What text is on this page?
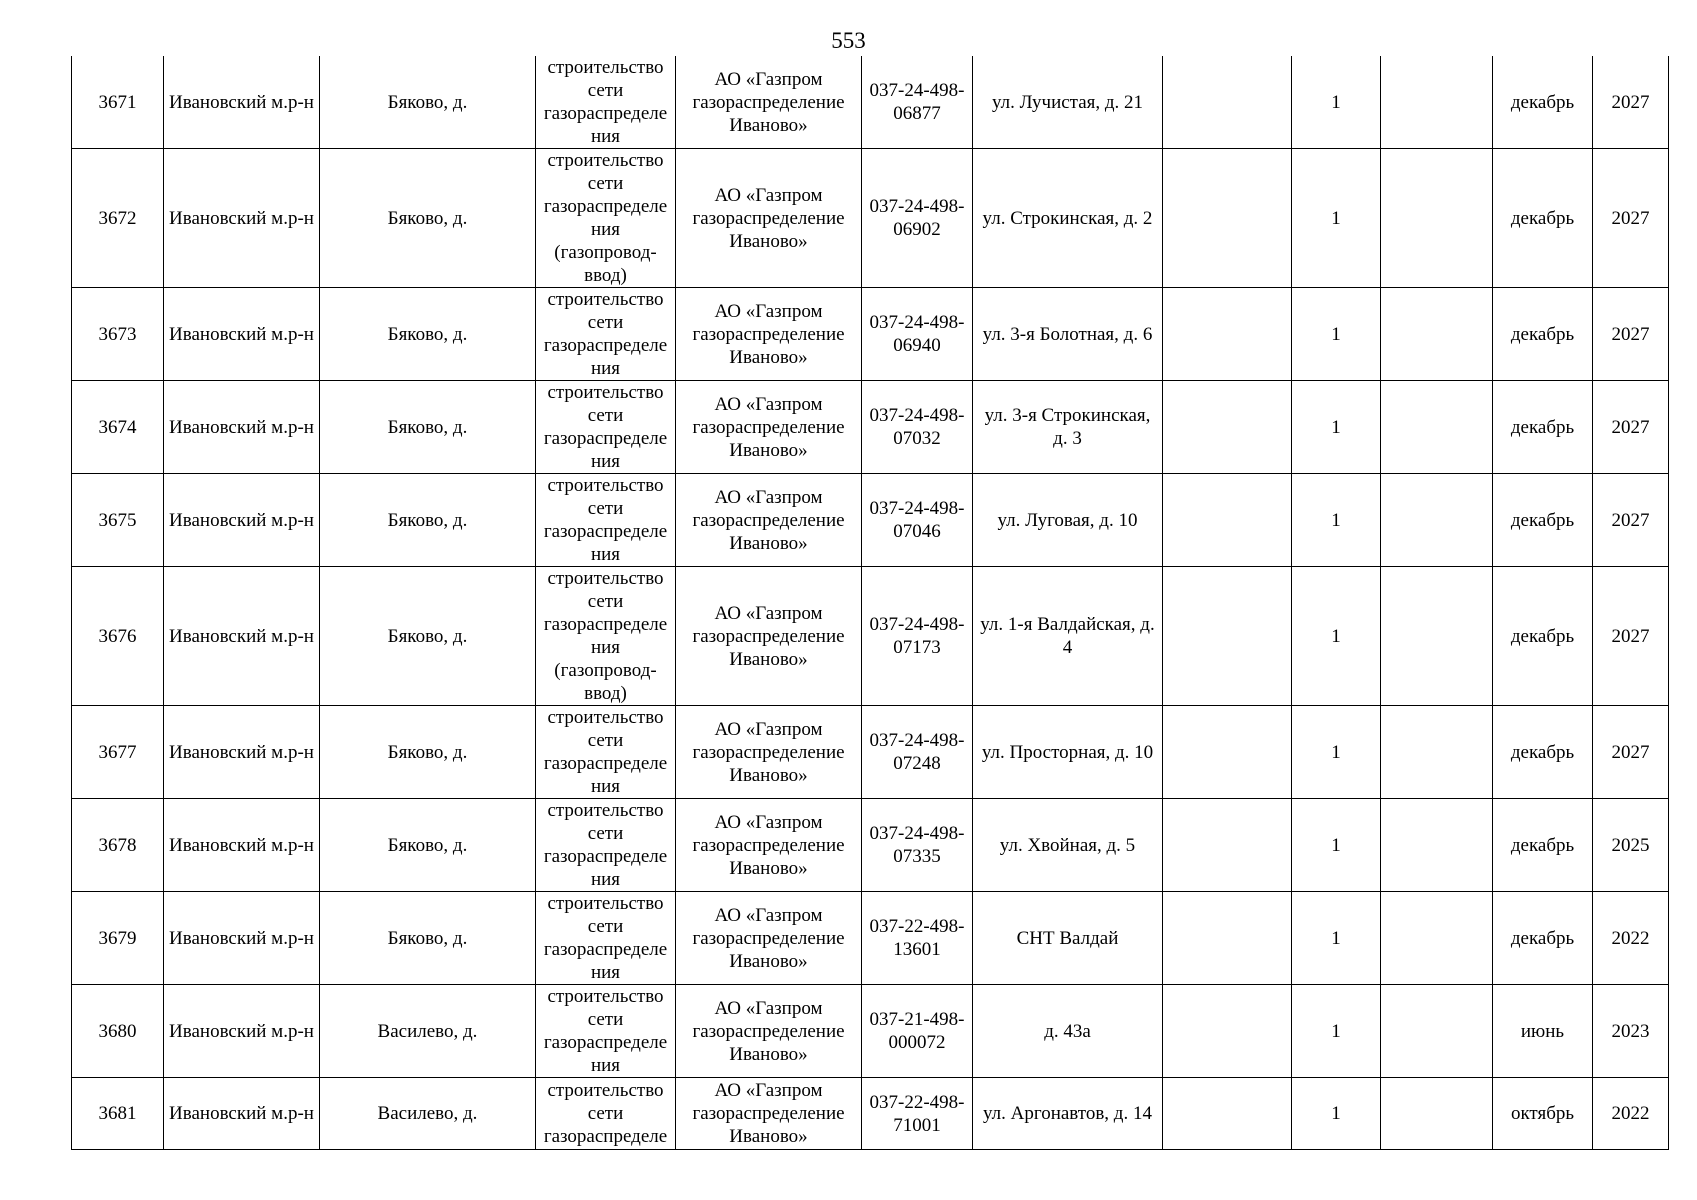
553
3671	Ивановский м.р-н	Бяково, д.	строительство сети газораспределения	АО «Газпром газораспределение Иваново»	037-24-498-06877	ул. Лучистая, д. 21		1		декабрь	2027
3672	Ивановский м.р-н	Бяково, д.	строительство сети газораспределения (газопровод-ввод)	АО «Газпром газораспределение Иваново»	037-24-498-06902	ул. Строкинская, д. 2		1		декабрь	2027
3673	Ивановский м.р-н	Бяково, д.	строительство сети газораспределения	АО «Газпром газораспределение Иваново»	037-24-498-06940	ул. 3-я Болотная, д. 6		1		декабрь	2027
3674	Ивановский м.р-н	Бяково, д.	строительство сети газораспределения	АО «Газпром газораспределение Иваново»	037-24-498-07032	ул. 3-я Строкинская, д. 3		1		декабрь	2027
3675	Ивановский м.р-н	Бяково, д.	строительство сети газораспределения	АО «Газпром газораспределение Иваново»	037-24-498-07046	ул. Луговая, д. 10		1		декабрь	2027
3676	Ивановский м.р-н	Бяково, д.	строительство сети газораспределения (газопровод-ввод)	АО «Газпром газораспределение Иваново»	037-24-498-07173	ул. 1-я Валдайская, д. 4		1		декабрь	2027
3677	Ивановский м.р-н	Бяково, д.	строительство сети газораспределения	АО «Газпром газораспределение Иваново»	037-24-498-07248	ул. Просторная, д. 10		1		декабрь	2027
3678	Ивановский м.р-н	Бяково, д.	строительство сети газораспределения	АО «Газпром газораспределение Иваново»	037-24-498-07335	ул. Хвойная, д. 5		1		декабрь	2025
3679	Ивановский м.р-н	Бяково, д.	строительство сети газораспределения	АО «Газпром газораспределение Иваново»	037-22-498-13601	СНТ Валдай		1		декабрь	2022
3680	Ивановский м.р-н	Василево, д.	строительство сети газораспределения	АО «Газпром газораспределение Иваново»	037-21-498-000072	д. 43а		1		июнь	2023
3681	Ивановский м.р-н	Василево, д.	строительство сети газораспределе	АО «Газпром газораспределение Иваново»	037-22-498-71001	ул. Аргонавтов, д. 14		1		октябрь	2022
